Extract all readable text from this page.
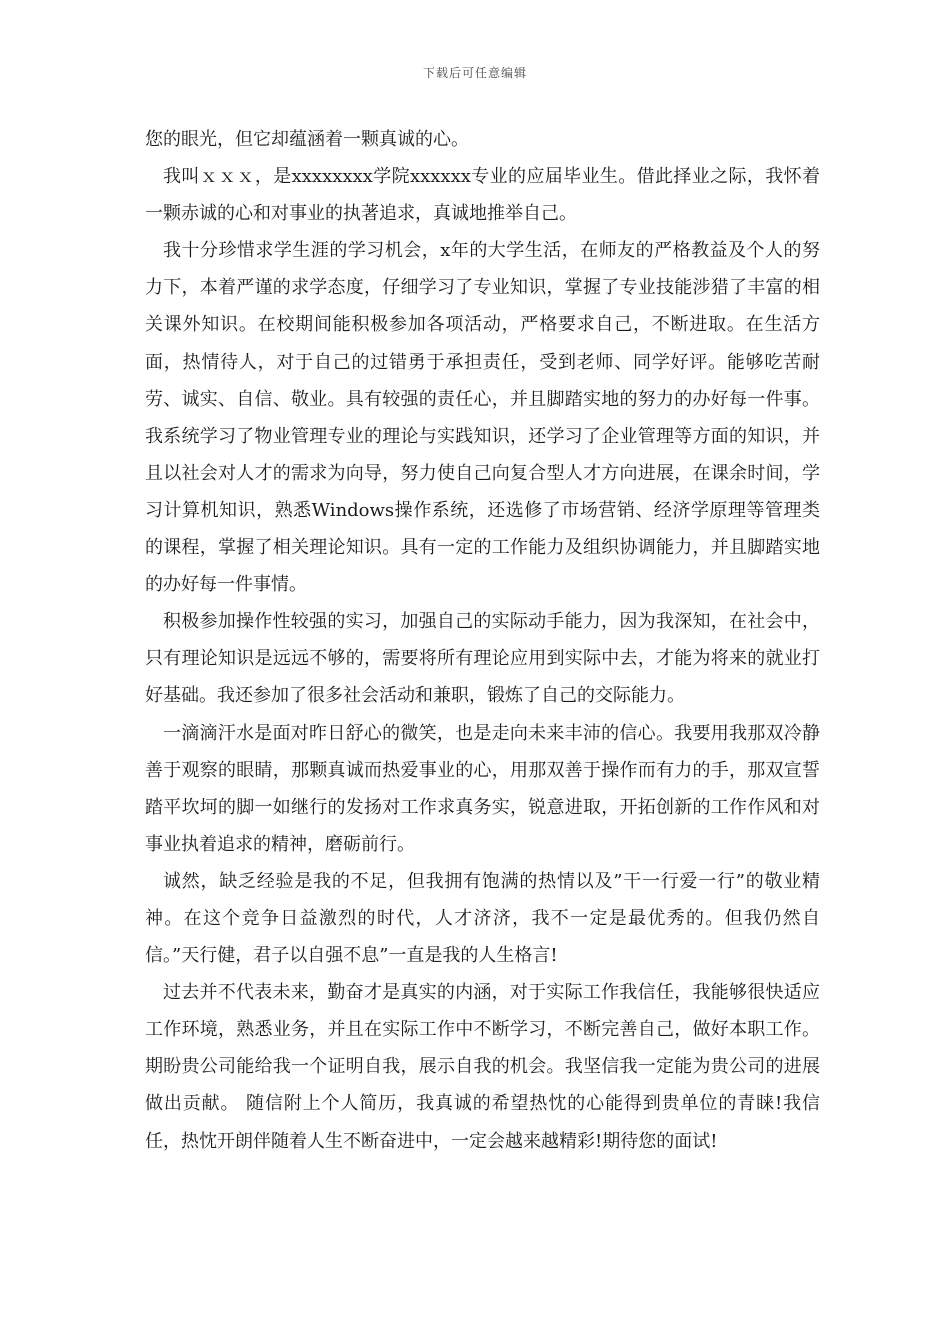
下载后可任意编辑

您的眼光，但它却蕴涵着一颗真诚的心。

我叫ｘｘｘ，是xxxxxxxx学院xxxxxx专业的应届毕业生。借此择业之际，我怀着一颗赤诚的心和对事业的执著追求，真诚地推举自己。

我十分珍惜求学生涯的学习机会，x年的大学生活，在师友的严格教益及个人的努力下，本着严谨的求学态度，仔细学习了专业知识，掌握了专业技能涉猎了丰富的相关课外知识。在校期间能积极参加各项活动，严格要求自己，不断进取。在生活方面，热情待人，对于自己的过错勇于承担责任，受到老师、同学好评。能够吃苦耐劳、诚实、自信、敬业。具有较强的责任心，并且脚踏实地的努力的办好每一件事。我系统学习了物业管理专业的理论与实践知识，还学习了企业管理等方面的知识，并且以社会对人才的需求为向导，努力使自己向复合型人才方向进展，在课余时间，学习计算机知识，熟悉Windows操作系统，还选修了市场营销、经济学原理等管理类的课程，掌握了相关理论知识。具有一定的工作能力及组织协调能力，并且脚踏实地的办好每一件事情。

积极参加操作性较强的实习，加强自己的实际动手能力，因为我深知，在社会中，只有理论知识是远远不够的，需要将所有理论应用到实际中去，才能为将来的就业打好基础。我还参加了很多社会活动和兼职，锻炼了自己的交际能力。

一滴滴汗水是面对昨日舒心的微笑，也是走向未来丰沛的信心。我要用我那双冷静善于观察的眼睛，那颗真诚而热爱事业的心，用那双善于操作而有力的手，那双宣誓踏平坎坷的脚一如继行的发扬对工作求真务实，锐意进取，开拓创新的工作作风和对事业执着追求的精神，磨砺前行。

诚然，缺乏经验是我的不足，但我拥有饱满的热情以及”干一行爱一行”的敬业精神。在这个竞争日益激烈的时代，人才济济，我不一定是最优秀的。但我仍然自信。”天行健，君子以自强不息”一直是我的人生格言!

过去并不代表未来，勤奋才是真实的内涵，对于实际工作我信任，我能够很快适应工作环境，熟悉业务，并且在实际工作中不断学习，不断完善自己，做好本职工作。期盼贵公司能给我一个证明自我，展示自我的机会。我坚信我一定能为贵公司的进展做出贡献。 随信附上个人简历，我真诚的希望热忱的心能得到贵单位的青睐!我信任，热忱开朗伴随着人生不断奋进中，一定会越来越精彩!期待您的面试!
